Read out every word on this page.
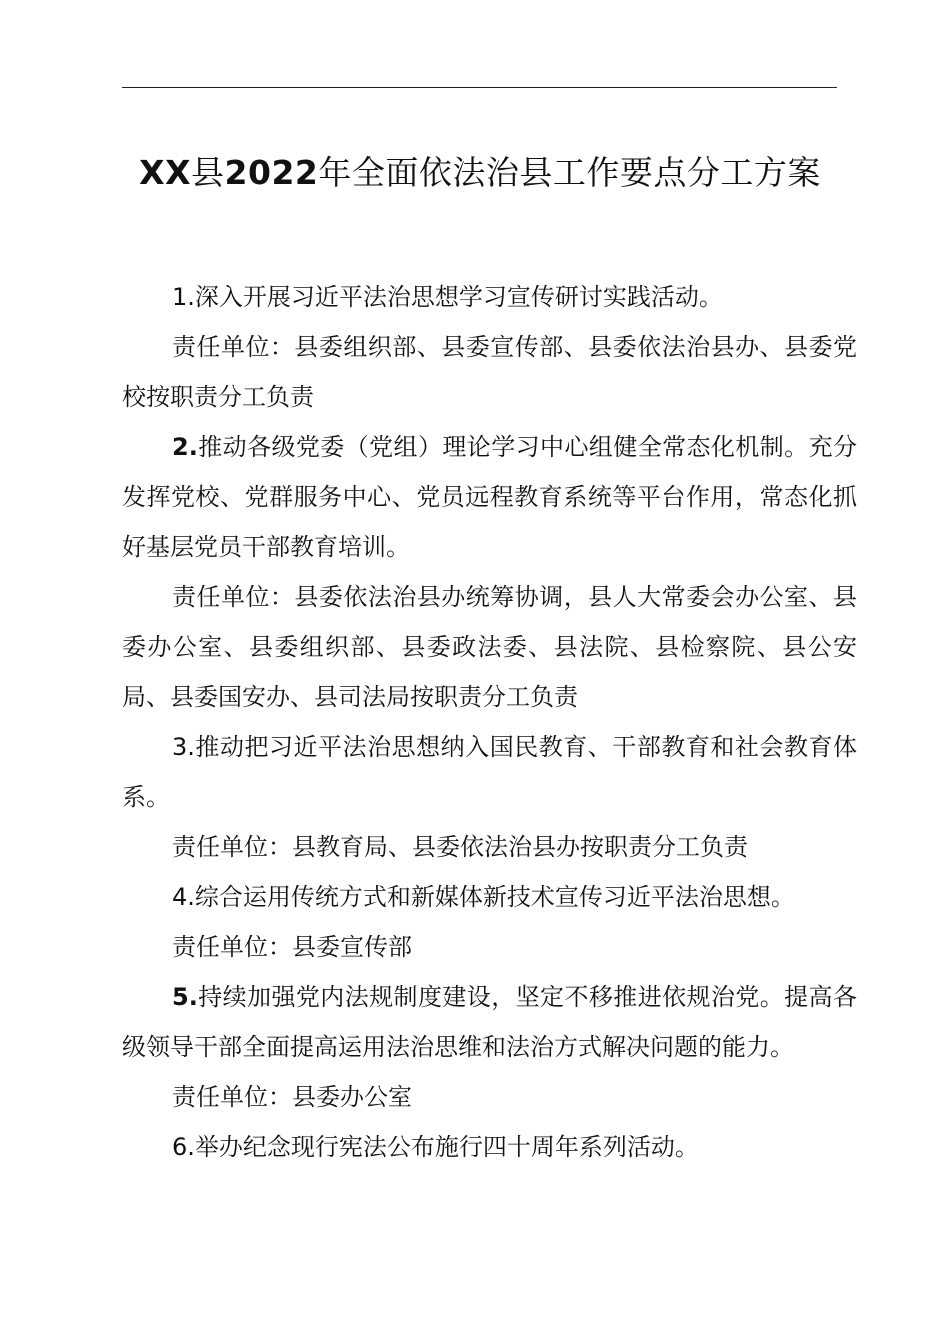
XX县2022年全面依法治县工作要点分工方案

1.深入开展习近平法治思想学习宣传研讨实践活动。

责任单位：县委组织部、县委宣传部、县委依法治县办、县委党校按职责分工负责

2.推动各级党委（党组）理论学习中心组健全常态化机制。充分发挥党校、党群服务中心、党员远程教育系统等平台作用，常态化抓好基层党员干部教育培训。

责任单位：县委依法治县办统筹协调，县人大常委会办公室、县委办公室、县委组织部、县委政法委、县法院、县检察院、县公安局、县委国安办、县司法局按职责分工负责

3.推动把习近平法治思想纳入国民教育、干部教育和社会教育体系。

责任单位：县教育局、县委依法治县办按职责分工负责

4.综合运用传统方式和新媒体新技术宣传习近平法治思想。

责任单位：县委宣传部

5.持续加强党内法规制度建设，坚定不移推进依规治党。提高各级领导干部全面提高运用法治思维和法治方式解决问题的能力。

责任单位：县委办公室

6.举办纪念现行宪法公布施行四十周年系列活动。
